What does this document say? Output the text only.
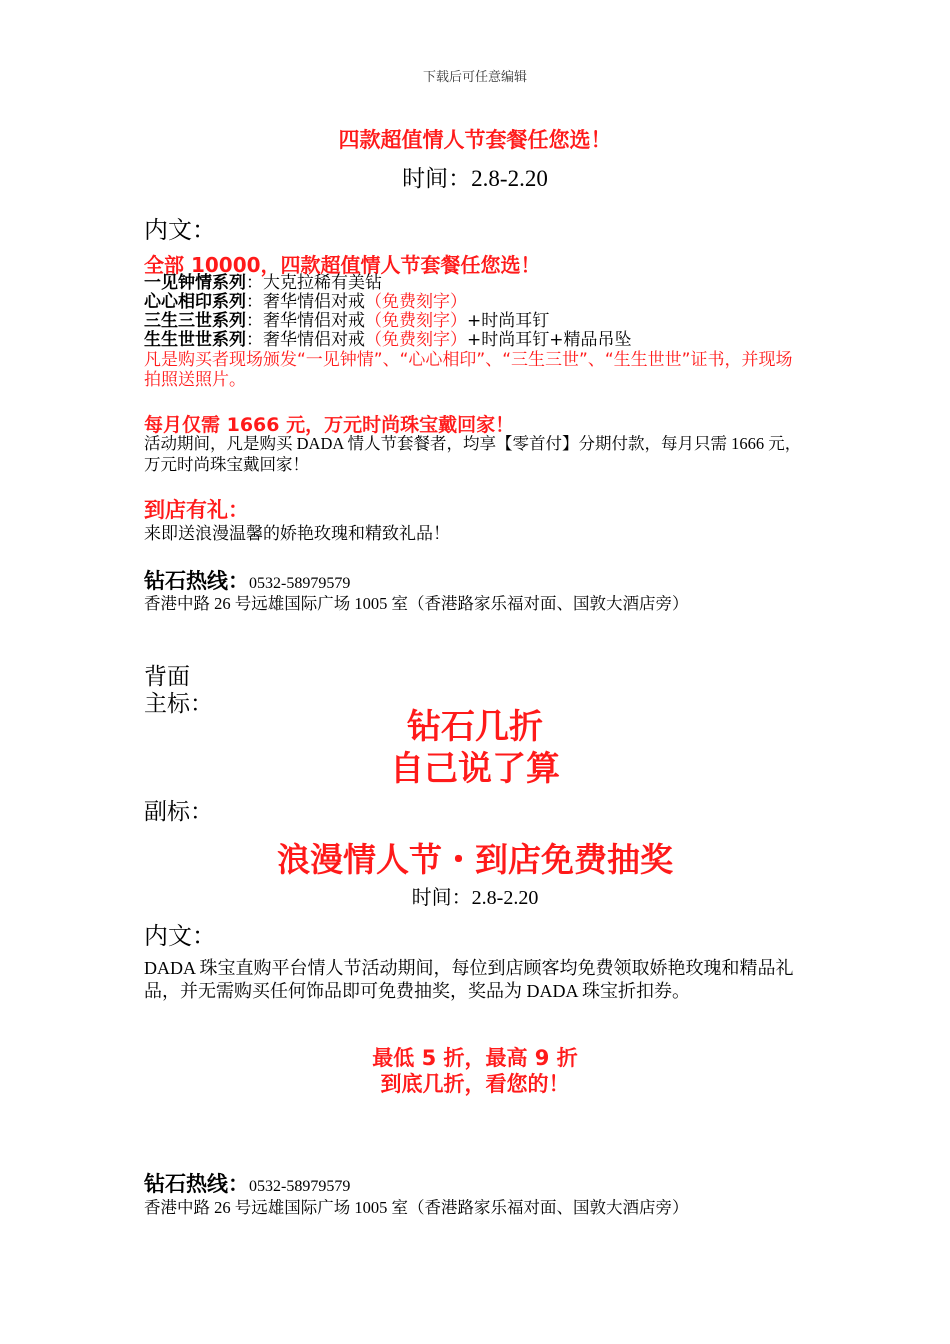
下载后可任意编辑
四款超值情人节套餐任您选！
时间：2.8-2.20
内文：
全部 10000，四款超值情人节套餐任您选！
一见钟情系列：大克拉稀有美钻
心心相印系列：奢华情侣对戒（免费刻字）
三生三世系列：奢华情侣对戒（免费刻字）+时尚耳钉
生生世世系列：奢华情侣对戒（免费刻字）+时尚耳钉+精品吊坠
凡是购买者现场颁发“一见钟情”、“心心相印”、“三生三世”、“生生世世”证书，并现场拍照送照片。
每月仅需 1666 元，万元时尚珠宝戴回家！
活动期间，凡是购买 DADA 情人节套餐者，均享【零首付】分期付款，每月只需 1666 元，万元时尚珠宝戴回家！
到店有礼：
来即送浪漫温馨的娇艳玫瑰和精致礼品！
钻石热线：0532-58979579
香港中路 26 号远雄国际广场 1005 室（香港路家乐福对面、国敦大酒店旁）
背面
主标：
钻石几折
自己说了算
副标：
浪漫情人节・到店免费抽奖
时间：2.8-2.20
内文：
DADA 珠宝直购平台情人节活动期间，每位到店顾客均免费领取娇艳玫瑰和精品礼品，并无需购买任何饰品即可免费抽奖，奖品为 DADA 珠宝折扣券。
最低 5 折，最高 9 折
到底几折，看您的！
钻石热线：0532-58979579
香港中路 26 号远雄国际广场 1005 室（香港路家乐福对面、国敦大酒店旁）
